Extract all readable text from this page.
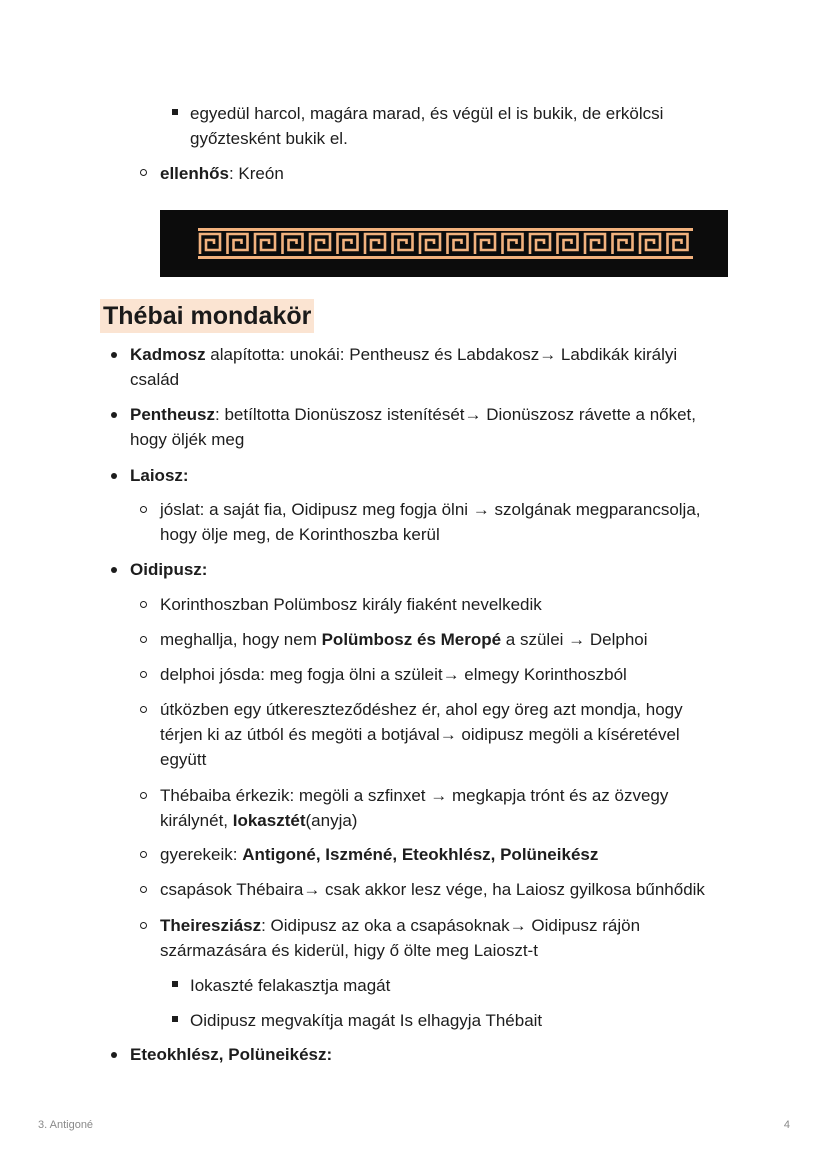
egyedül harcol, magára marad, és végül el is bukik, de erkölcsi
győztesként bukik el.
ellenhős: Kreón
Thébai mondakör
Kadmosz alapította: unokái: Pentheusz és Labdakosz→ Labdikák királyi
család
Pentheusz: betíltotta Dionüszosz istenítését→ Dionüszosz rávette a nőket,
hogy öljék meg
Laiosz:
jóslat: a saját fia, Oidipusz meg fogja ölni → szolgának megparancsolja,
hogy ölje meg, de Korinthoszba kerül
Oidipusz:
Korinthoszban Polümbosz király fiaként nevelkedik
meghallja, hogy nem Polümbosz és Meropé a szülei → Delphoi
delphoi jósda: meg fogja ölni a szüleit→ elmegy Korinthoszból
útközben egy útkereszteződéshez ér, ahol egy öreg azt mondja, hogy
térjen ki az útból és megöti a botjával→ oidipusz megöli a kíséretével
együtt
Thébaiba érkezik: megöli a szfinxet → megkapja trónt és az özvegy
királynét, Iokasztét(anyja)
gyerekeik: Antigoné, Iszméné, Eteokhlész, Polüneikész
csapások Thébaira→ csak akkor lesz vége, ha Laiosz gyilkosa bűnhődik
Theiresziász: Oidipusz az oka a csapásoknak→ Oidipusz rájön
származására és kiderül, higy ő ölte meg Laioszt-t
Iokaszté felakasztja magát
Oidipusz megvakítja magát Is elhagyja Thébait
Eteokhlész, Polüneikész:
3. Antigoné	4
